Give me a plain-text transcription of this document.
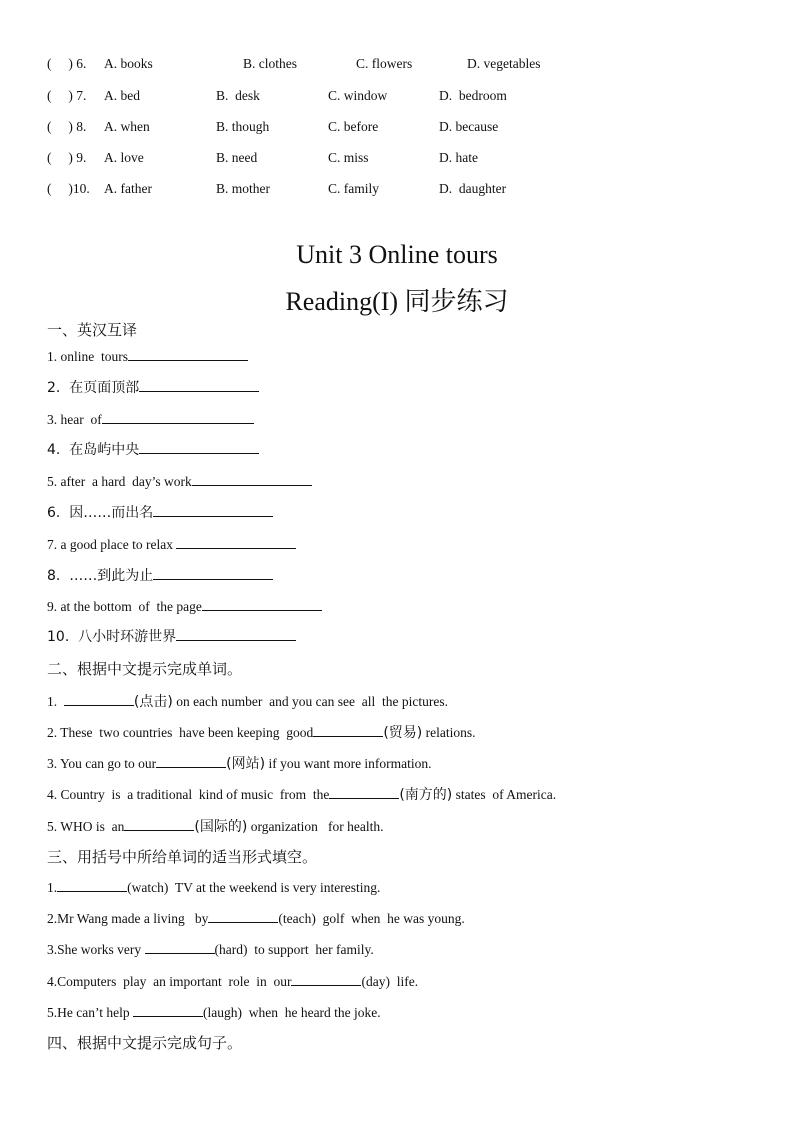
(     ) 6.

A. books

	B. clothes

	C. flowers

	D. vegetables

(     ) 7.

A. bed

	B.  desk

	C. window

	D.  bedroom

(     ) 8.

A. when

	B. though

	C. before

	D. because

(     ) 9.

A. love

	B. need

	C. miss

	D. hate

(     )10.

A. father

	B. mother

	C. family

	D.  daughter

Unit 3 Online tours
Reading(I) 同步练习
一、英汉互译
1. online  tours
2.  在页面顶部
3. hear  of
4.  在岛屿中央
5. after  a hard  day’s work
6.  因……而出名
7. a good place to relax
8.  ……到此为止
9. at the bottom  of  the page
10.  八小时环游世界
二、根据中文提示完成单词。
1.	(点击) on each number  and you can see  all  the pictures.
2. These  two countries  have been keeping  good	(贸易) relations.
3. You can go to our	(网站) if you want more information.
4. Country  is  a traditional  kind of music  from  the	(南方的) states  of America.
5. WHO is  an	(国际的) organization   for health.
三、用括号中所给单词的适当形式填空。
1.	(watch)  TV at the weekend is very interesting.
2.Mr Wang made a living   by	(teach)  golf  when  he was young.
3.She works very	(hard)  to support  her family.
4.Computers  play  an important  role  in  our	(day)  life.
5.He can’t help	(laugh)  when  he heard the joke.
四、根据中文提示完成句子。
